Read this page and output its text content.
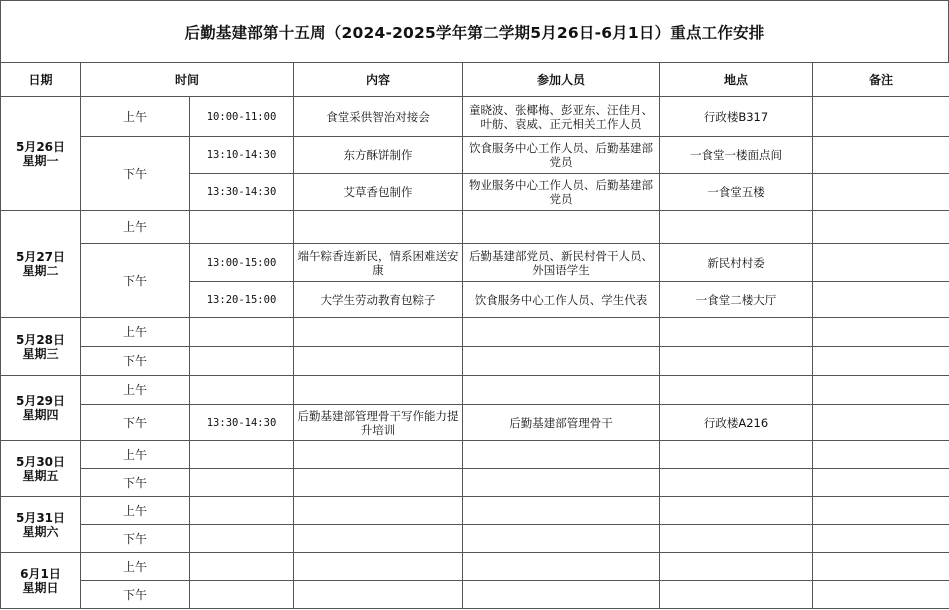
后勤基建部第十五周（2024-2025学年第二学期5月26日-6月1日）重点工作安排
日期	时间		内容	参加人员	地点	备注

5月26日
星期一	上午	10:00-11:00	食堂采供智治对接会	童晓波、张椰梅、彭亚东、汪佳月、叶舫、袁威、正元相关工作人员	行政楼B317	
	下午	13:10-14:30	东方酥饼制作	饮食服务中心工作人员、后勤基建部党员	一食堂一楼面点间	
		13:30-14:30	艾草香包制作	物业服务中心工作人员、后勤基建部党员	一食堂五楼	

5月27日
星期二	上午					
	下午	13:00-15:00	端午粽香连新民，情系困难送安康	后勤基建部党员、新民村骨干人员、外国语学生	新民村村委	
		13:20-15:00	大学生劳动教育包粽子	饮食服务中心工作人员、学生代表	一食堂二楼大厅	

5月28日
星期三	上午					
	下午					

5月29日
星期四	上午					
	下午	13:30-14:30	后勤基建部管理骨干写作能力提升培训	后勤基建部管理骨干	行政楼A216	

5月30日
星期五	上午					
	下午					

5月31日
星期六	上午					
	下午					

6月1日
星期日	上午					
	下午					
